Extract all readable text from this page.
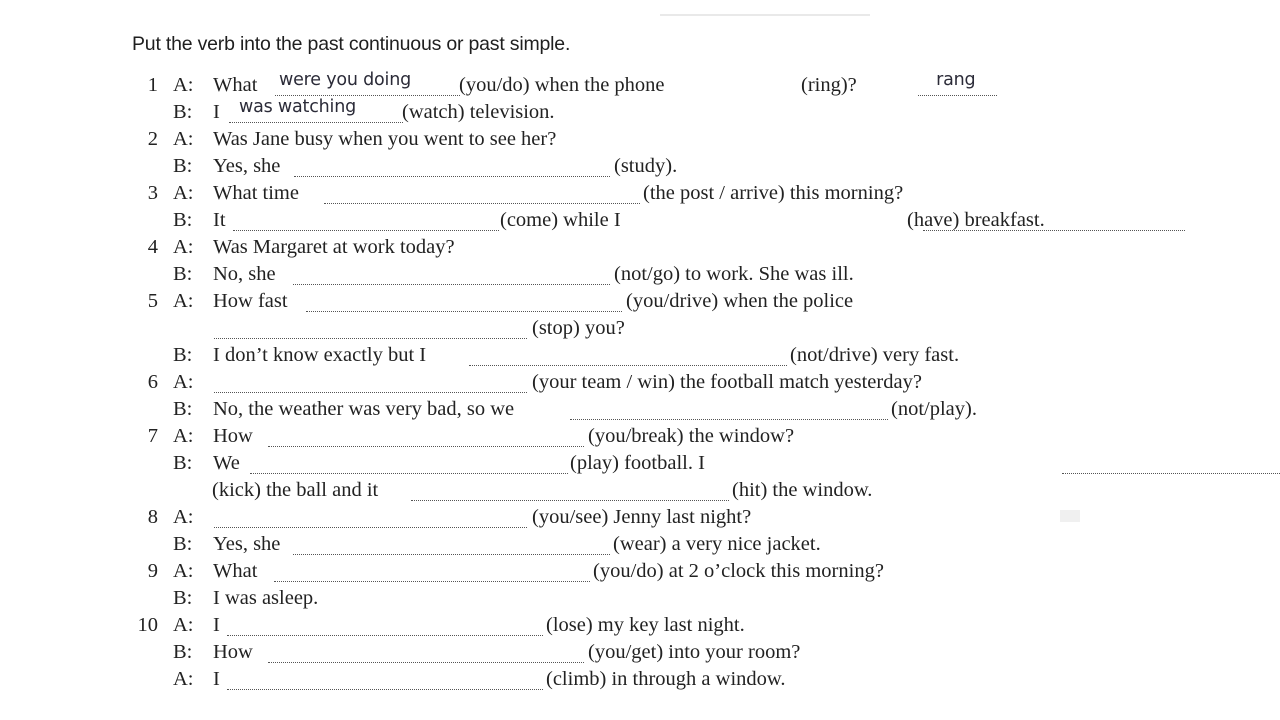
Put the verb into the past continuous or past simple.
1 A: What were you doing
(you/do) when the phone	rang
(ring)?
B: I was watching (watch) television.
2 A: Was Jane busy when you went to see her?
B: Yes, she	(study).
3 A: What time	(the post / arrive) this morning?
B: It
	(come) while I	(have) breakfast.
4 A: Was Margaret at work today?
B: No, she	(not/go) to work. She was ill.
5 A: How fast	(you/drive) when the police
(stop) you?
B: I don’t know exactly but I	(not/drive) very fast.
6 A:	(your team / win) the football match yesterday?
B: No, the weather was very bad, so we	(not/play).
7 A: How	(you/break) the window?
B: We
	(play) football. I
(kick) the ball and it	(hit) the window.
8 A:	(you/see) Jenny last night?
B: Yes, she	(wear) a very nice jacket.
9 A: What	(you/do) at 2 o’clock this morning?
B: I was asleep.
10 A: I	(lose) my key last night.
B: How	(you/get) into your room?
A: I	(climb) in through a window.
